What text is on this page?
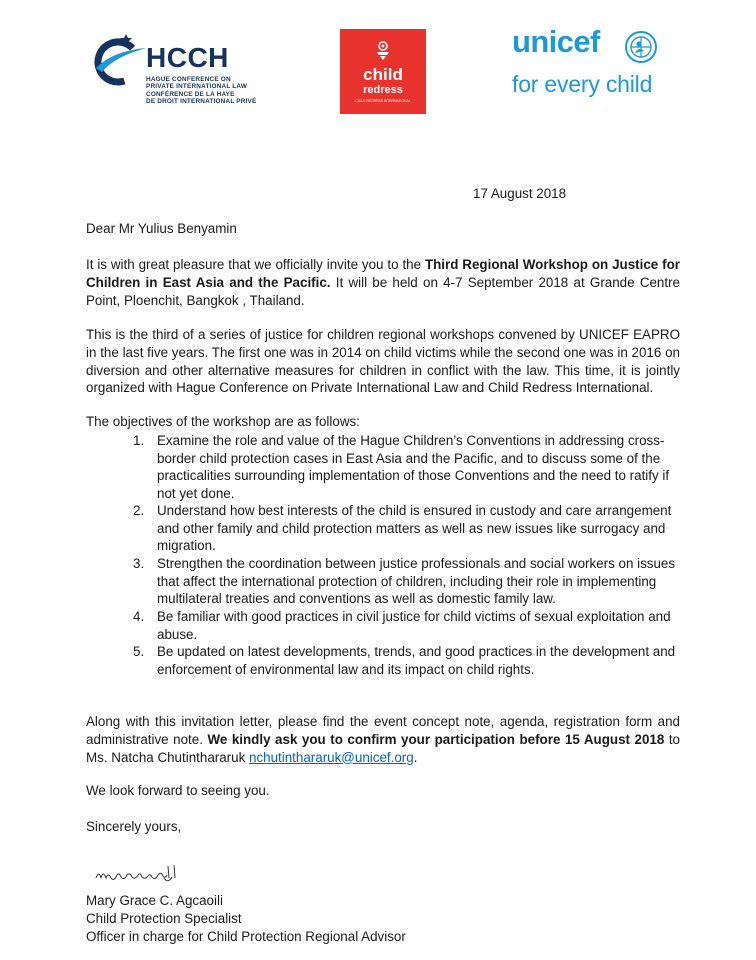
HCCH
HAGUE CONFERENCE ON
PRIVATE INTERNATIONAL LAW
CONFÉRENCE DE LA HAYE
DE DROIT INTERNATIONAL PRIVÉ
child
redress
CHILD REDRESS INTERNATIONAL
unicef
for every child
17 August 2018
Dear Mr Yulius Benyamin
It is with great pleasure that we officially invite you to the Third Regional Workshop on Justice for Children in East Asia and the Pacific. It will be held on 4-7 September 2018 at Grande Centre Point, Ploenchit, Bangkok , Thailand.
This is the third of a series of justice for children regional workshops convened by UNICEF EAPRO in the last five years. The first one was in 2014 on child victims while the second one was in 2016 on diversion and other alternative measures for children in conflict with the law. This time, it is jointly organized with Hague Conference on Private International Law and Child Redress International.
The objectives of the workshop are as follows:
1. Examine the role and value of the Hague Children’s Conventions in addressing cross-border child protection cases in East Asia and the Pacific, and to discuss some of the practicalities surrounding implementation of those Conventions and the need to ratify if not yet done.
2. Understand how best interests of the child is ensured in custody and care arrangement and other family and child protection matters as well as new issues like surrogacy and migration.
3. Strengthen the coordination between justice professionals and social workers on issues that affect the international protection of children, including their role in implementing multilateral treaties and conventions as well as domestic family law.
4. Be familiar with good practices in civil justice for child victims of sexual exploitation and abuse.
5. Be updated on latest developments, trends, and good practices in the development and enforcement of environmental law and its impact on child rights.
Along with this invitation letter, please find the event concept note, agenda, registration form and administrative note. We kindly ask you to confirm your participation before 15 August 2018 to Ms. Natcha Chutinthararuk nchutinthararuk@unicef.org.
We look forward to seeing you.
Sincerely yours,
Mary Grace C. Agcaoili
Child Protection Specialist
Officer in charge for Child Protection Regional Advisor
